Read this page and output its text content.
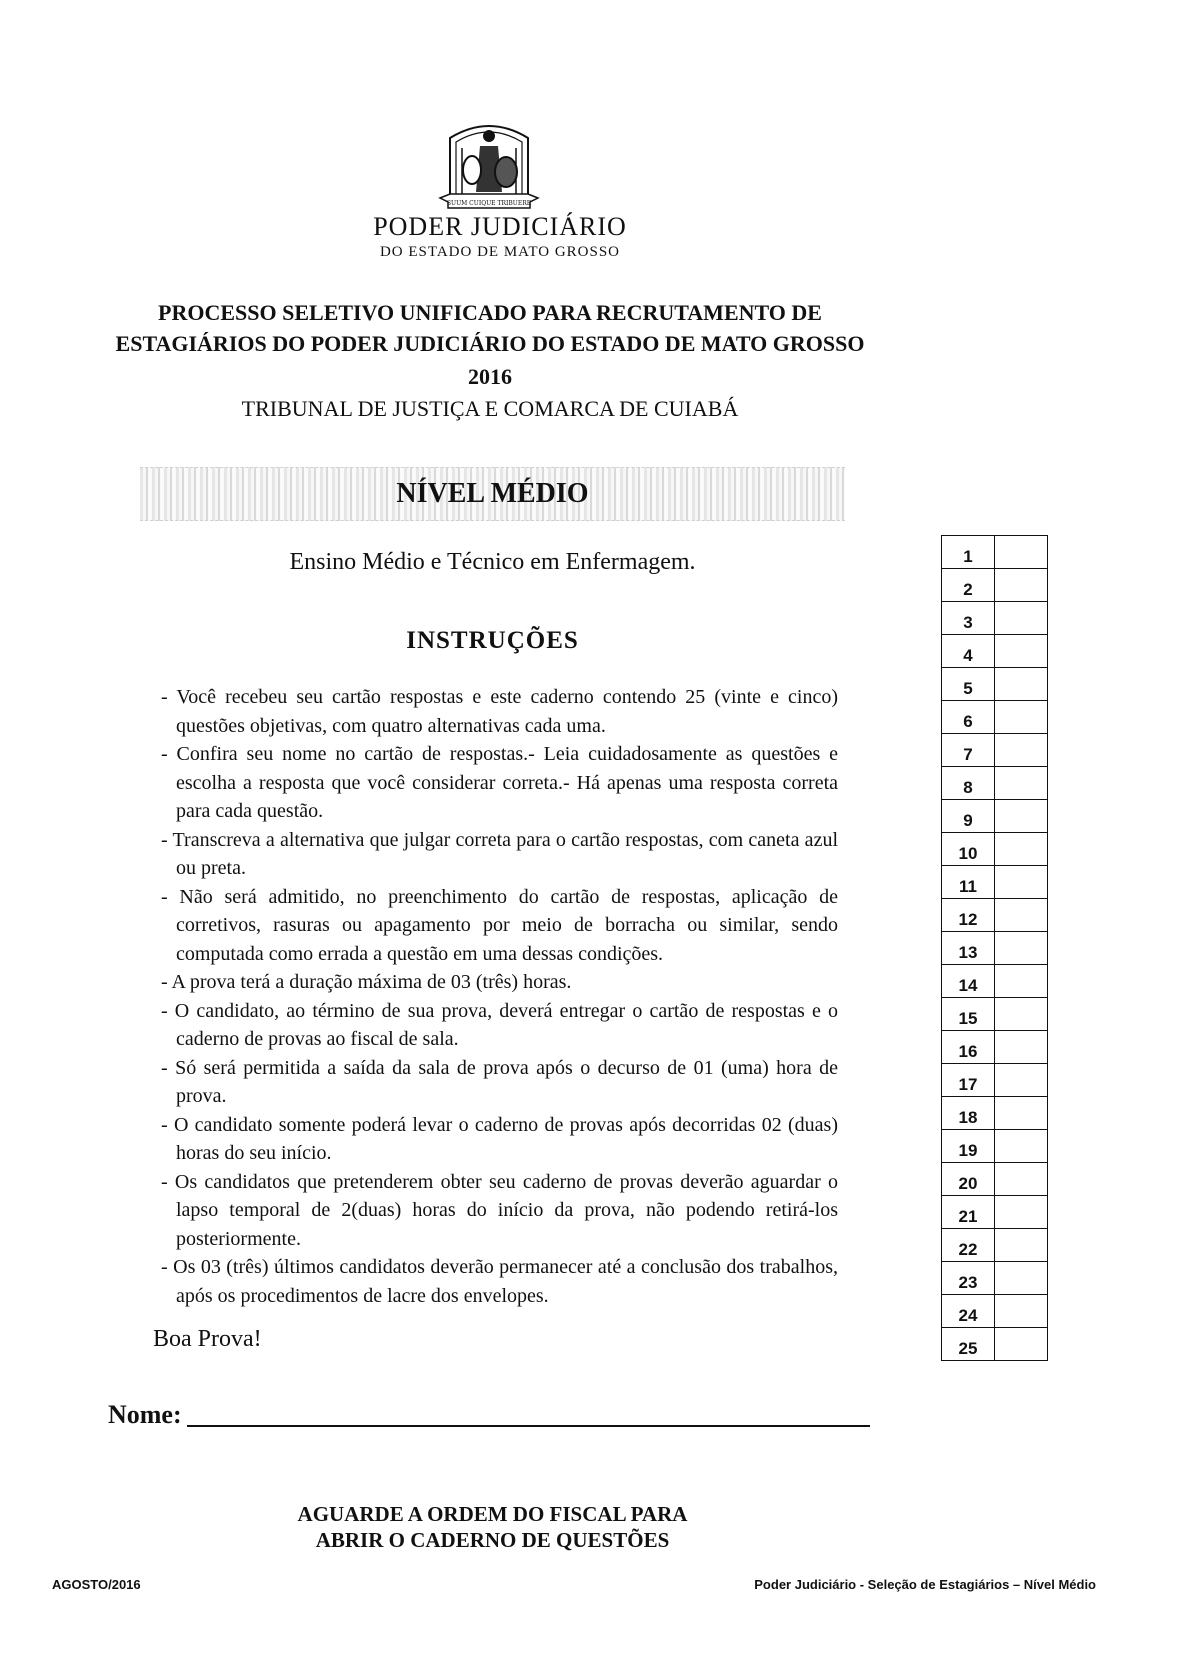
SUUM CUIQUE TRIBUERE
PODER JUDICIÁRIO
DO ESTADO DE MATO GROSSO
PROCESSO SELETIVO UNIFICADO PARA RECRUTAMENTO DE
ESTAGIÁRIOS DO PODER JUDICIÁRIO DO ESTADO DE MATO GROSSO
2016
TRIBUNAL DE JUSTIÇA E COMARCA DE CUIABÁ
NÍVEL MÉDIO
Ensino Médio e Técnico em Enfermagem.
INSTRUÇÕES
- Você recebeu seu cartão respostas e este caderno contendo 25 (vinte e cinco) questões objetivas, com quatro alternativas cada uma.
- Confira seu nome no cartão de respostas.- Leia cuidadosamente as questões e escolha a resposta que você considerar correta.- Há apenas uma resposta correta para cada questão.
- Transcreva a alternativa que julgar correta para o cartão respostas, com caneta azul ou preta.
- Não será admitido, no preenchimento do cartão de respostas, aplicação de corretivos, rasuras ou apagamento por meio de borracha ou similar, sendo computada como errada a questão em uma dessas condições.
- A prova terá a duração máxima de 03 (três) horas.
- O candidato, ao término de sua prova, deverá entregar o cartão de respostas e o caderno de provas ao fiscal de sala.
- Só será permitida a saída da sala de prova após o decurso de 01 (uma) hora de prova.
- O candidato somente poderá levar o caderno de provas após decorridas 02 (duas) horas do seu início.
- Os candidatos que pretenderem obter seu caderno de provas deverão aguardar o lapso temporal de 2(duas) horas do início da prova, não podendo retirá-los posteriormente.
- Os 03 (três) últimos candidatos deverão permanecer até a conclusão dos trabalhos, após os procedimentos de lacre dos envelopes.
Boa Prova!
Nome:
AGUARDE A ORDEM DO FISCAL PARA
ABRIR O CADERNO DE QUESTÕES
1	
2	
3	
4	
5	
6	
7	
8	
9	
10	
11	
12	
13	
14	
15	
16	
17	
18	
19	
20	
21	
22	
23	
24	
25	
AGOSTO/2016	Poder Judiciário - Seleção de Estagiários – Nível Médio
